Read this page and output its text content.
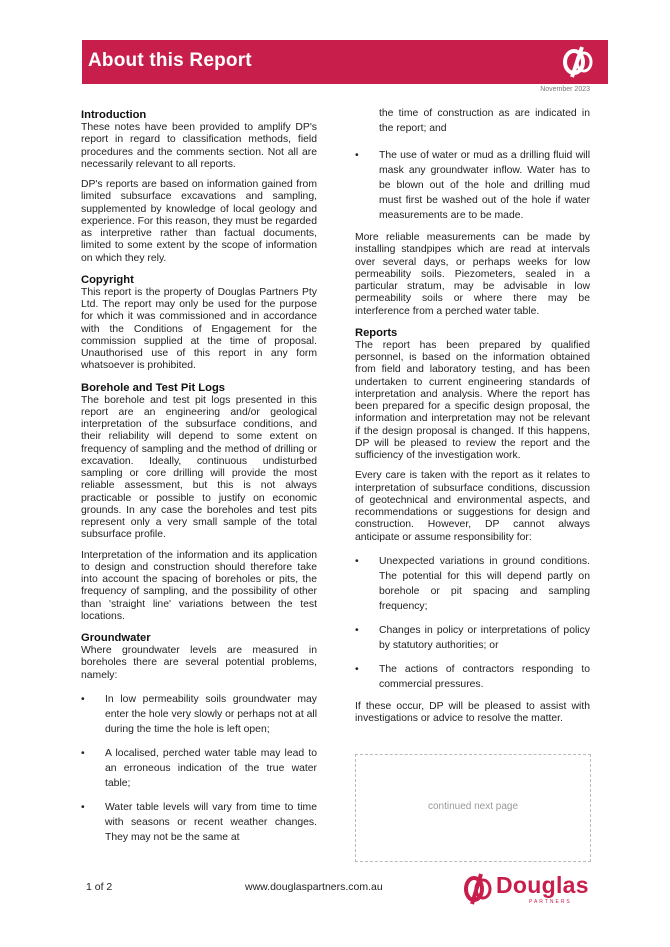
About this Report
November 2023
Introduction

These notes have been provided to amplify DP's report in regard to classification methods, field procedures and the comments section. Not all are necessarily relevant to all reports.

DP's reports are based on information gained from limited subsurface excavations and sampling, supplemented by knowledge of local geology and experience. For this reason, they must be regarded as interpretive rather than factual documents, limited to some extent by the scope of information on which they rely.

Copyright

This report is the property of Douglas Partners Pty Ltd. The report may only be used for the purpose for which it was commissioned and in accordance with the Conditions of Engagement for the commission supplied at the time of proposal. Unauthorised use of this report in any form whatsoever is prohibited.

Borehole and Test Pit Logs

The borehole and test pit logs presented in this report are an engineering and/or geological interpretation of the subsurface conditions, and their reliability will depend to some extent on frequency of sampling and the method of drilling or excavation. Ideally, continuous undisturbed sampling or core drilling will provide the most reliable assessment, but this is not always practicable or possible to justify on economic grounds. In any case the boreholes and test pits represent only a very small sample of the total subsurface profile.

Interpretation of the information and its application to design and construction should therefore take into account the spacing of boreholes or pits, the frequency of sampling, and the possibility of other than 'straight line' variations between the test locations.

Groundwater

Where groundwater levels are measured in boreholes there are several potential problems, namely:

• In low permeability soils groundwater may enter the hole very slowly or perhaps not at all during the time the hole is left open;
• A localised, perched water table may lead to an erroneous indication of the true water table;
• Water table levels will vary from time to time with seasons or recent weather changes. They may not be the same at
the time of construction as are indicated in the report; and
• The use of water or mud as a drilling fluid will mask any groundwater inflow. Water has to be blown out of the hole and drilling mud must first be washed out of the hole if water measurements are to be made.

More reliable measurements can be made by installing standpipes which are read at intervals over several days, or perhaps weeks for low permeability soils. Piezometers, sealed in a particular stratum, may be advisable in low permeability soils or where there may be interference from a perched water table.

Reports

The report has been prepared by qualified personnel, is based on the information obtained from field and laboratory testing, and has been undertaken to current engineering standards of interpretation and analysis. Where the report has been prepared for a specific design proposal, the information and interpretation may not be relevant if the design proposal is changed. If this happens, DP will be pleased to review the report and the sufficiency of the investigation work.

Every care is taken with the report as it relates to interpretation of subsurface conditions, discussion of geotechnical and environmental aspects, and recommendations or suggestions for design and construction. However, DP cannot always anticipate or assume responsibility for:

• Unexpected variations in ground conditions. The potential for this will depend partly on borehole or pit spacing and sampling frequency;
• Changes in policy or interpretations of policy by statutory authorities; or
• The actions of contractors responding to commercial pressures.

If these occur, DP will be pleased to assist with investigations or advice to resolve the matter.

continued next page
1 of 2	www.douglaspartners.com.au	Douglas
PARTNERS
